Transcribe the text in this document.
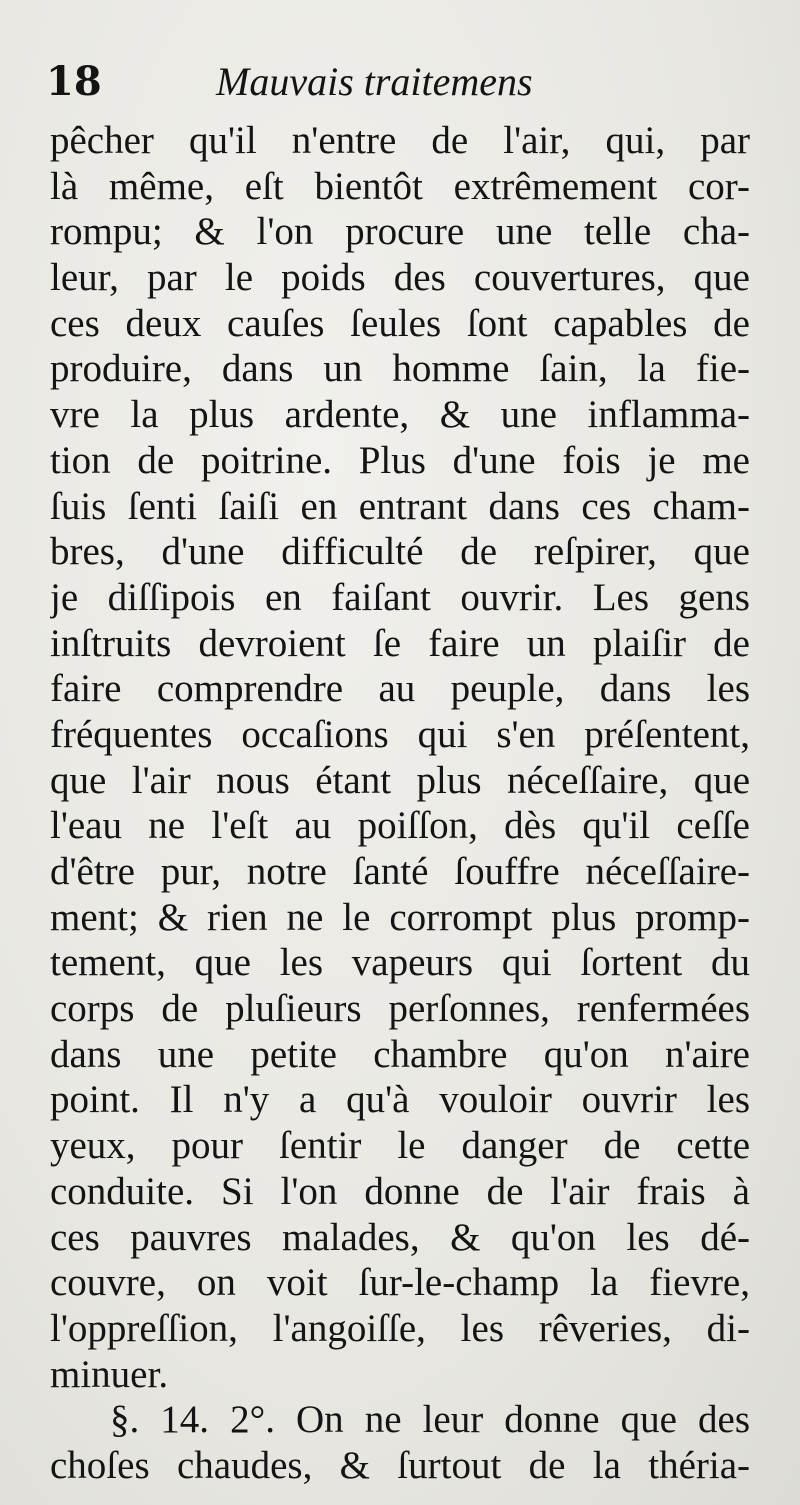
18	Mauvais traitemens
pêcher qu'il n'entre de l'air, qui, par
là même, eſt bientôt extrêmement cor-
rompu; & l'on procure une telle cha-
leur, par le poids des couvertures, que
ces deux cauſes ſeules ſont capables de
produire, dans un homme ſain, la fie-
vre la plus ardente, & une inflamma-
tion de poitrine. Plus d'une fois je me
ſuis ſenti ſaiſi en entrant dans ces cham-
bres, d'une difficulté de reſpirer, que
je diſſipois en faiſant ouvrir. Les gens
inſtruits devroient ſe faire un plaiſir de
faire comprendre au peuple, dans les
fréquentes occaſions qui s'en préſentent,
que l'air nous étant plus néceſſaire, que
l'eau ne l'eſt au poiſſon, dès qu'il ceſſe
d'être pur, notre ſanté ſouffre néceſſaire-
ment; & rien ne le corrompt plus promp-
tement, que les vapeurs qui ſortent du
corps de pluſieurs perſonnes, renfermées
dans une petite chambre qu'on n'aire
point. Il n'y a qu'à vouloir ouvrir les
yeux, pour ſentir le danger de cette
conduite. Si l'on donne de l'air frais à
ces pauvres malades, & qu'on les dé-
couvre, on voit ſur-le-champ la fievre,
l'oppreſſion, l'angoiſſe, les rêveries, di-
minuer.
§. 14. 2°. On ne leur donne que des
choſes chaudes, & ſurtout de la théria-
